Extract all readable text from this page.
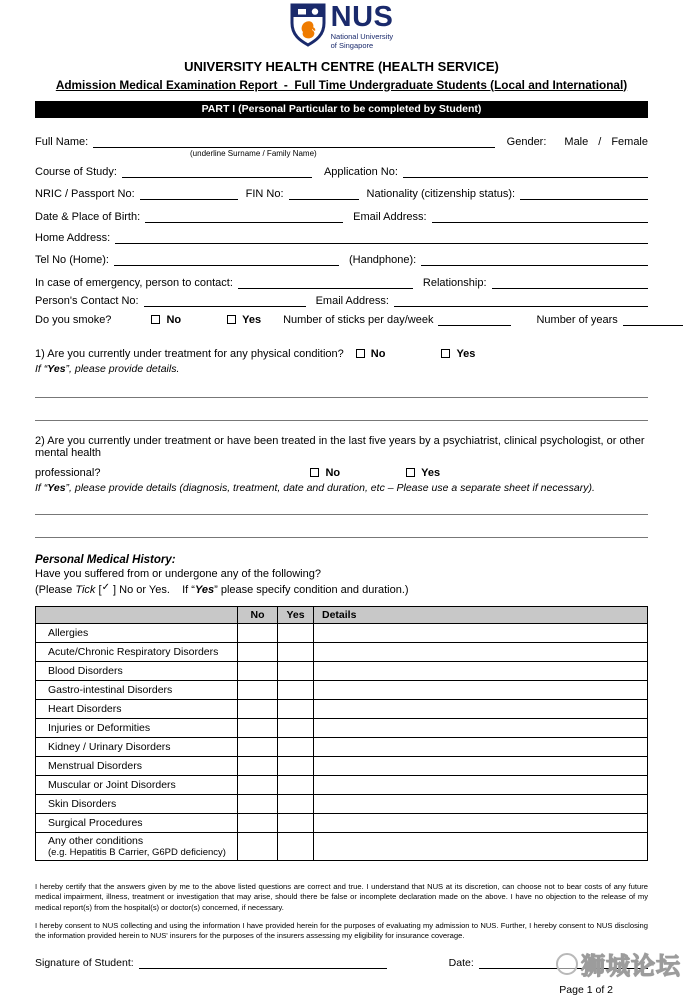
NUS
National University
of Singapore
UNIVERSITY HEALTH CENTRE (HEALTH SERVICE)
Admission Medical Examination Report  -  Full Time Undergraduate Students (Local and International)
PART I (Personal Particular to be completed by Student)
Full Name:	Gender: Male / Female
(underline Surname / Family Name)
Course of Study:	Application No:
NRIC / Passport No:	FIN No:	Nationality (citizenship status):
Date & Place of Birth:	Email Address:
Home Address:
Tel No (Home):	(Handphone):
In case of emergency, person to contact:	Relationship:
Person's Contact No:	Email Address:
Do you smoke?	No	Yes Number of sticks per day/week	Number of years
1) Are you currently under treatment for any physical condition? No	Yes
If “Yes”, please provide details.
2) Are you currently under treatment or have been treated in the last five years by a psychiatrist, clinical psychologist, or other mental health
professional?	No	Yes
If “Yes”, please provide details (diagnosis, treatment, date and duration, etc – Please use a separate sheet if necessary).
Personal Medical History:
Have you suffered from or undergone any of the following?
(Please Tick [✓ ] No or Yes.    If “Yes” please specify condition and duration.)
	No	Yes	Details
Allergies			
Acute/Chronic Respiratory Disorders			
Blood Disorders			
Gastro-intestinal Disorders			
Heart Disorders			
Injuries or Deformities			
Kidney / Urinary Disorders			
Menstrual Disorders			
Muscular or Joint Disorders			
Skin Disorders			
Surgical Procedures			

Any other conditions
(e.g. Hepatitis B Carrier, G6PD deficiency)			

I hereby certify that the answers given by me to the above listed questions are correct and true. I understand that NUS at its discretion, can choose not to bear costs of any future medical impairment, illness, treatment or investigation that may arise, should there be false or incomplete declaration made on the above. I have no objection to the release of my medical report(s) from the hospital(s) or doctor(s) concerned, if necessary.
I hereby consent to NUS collecting and using the information I have provided herein for the purposes of evaluating my admission to NUS. Further, I hereby consent to NUS disclosing the information provided herein to NUS' insurers for the purposes of the insurers assessing my eligibility for insurance coverage.
Signature of Student:	Date:
Page 1 of 2
狮城论坛
